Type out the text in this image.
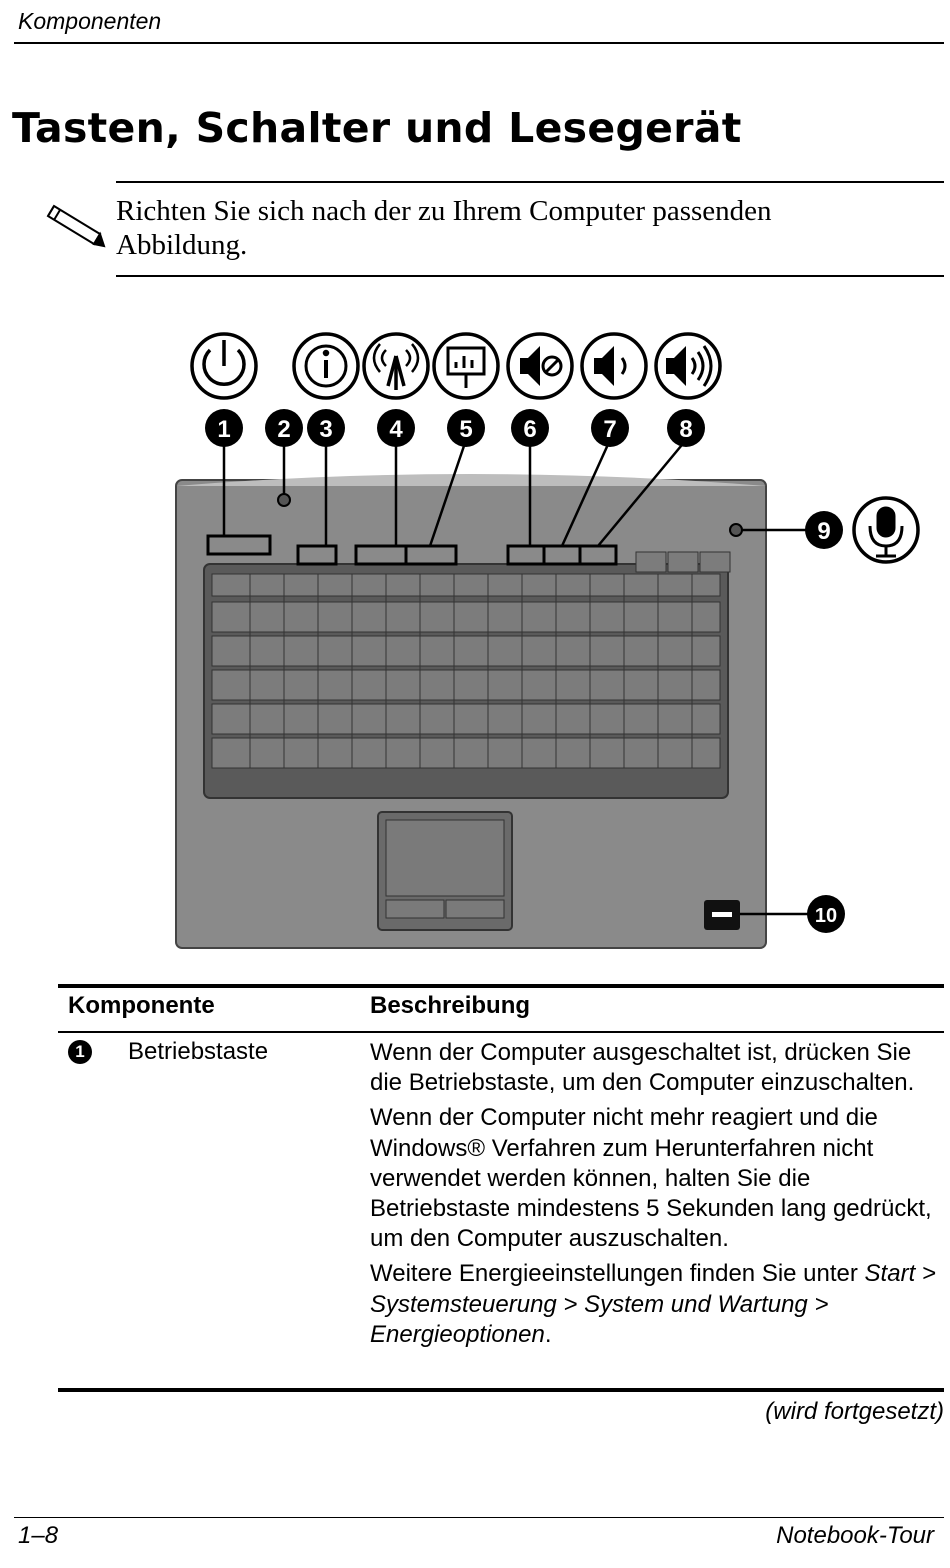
Komponenten
Tasten, Schalter und Lesegerät
Richten Sie sich nach der zu Ihrem Computer passenden Abbildung.
1 2 3 4 5 6	7	8
9
10
Komponente	Beschreibung
1	Betriebstaste	Wenn der Computer ausgeschaltet ist, drücken Sie die Betriebstaste, um den Computer einzuschalten.

Wenn der Computer nicht mehr reagiert und die Windows® Verfahren zum Herunterfahren nicht verwendet werden können, halten Sie die Betriebstaste mindestens 5 Sekunden lang gedrückt, um den Computer auszuschalten.

Weitere Energieeinstellungen finden Sie unter Start > Systemsteuerung > System und Wartung > Energieoptionen.

(wird fortgesetzt)
1–8	Notebook-Tour
